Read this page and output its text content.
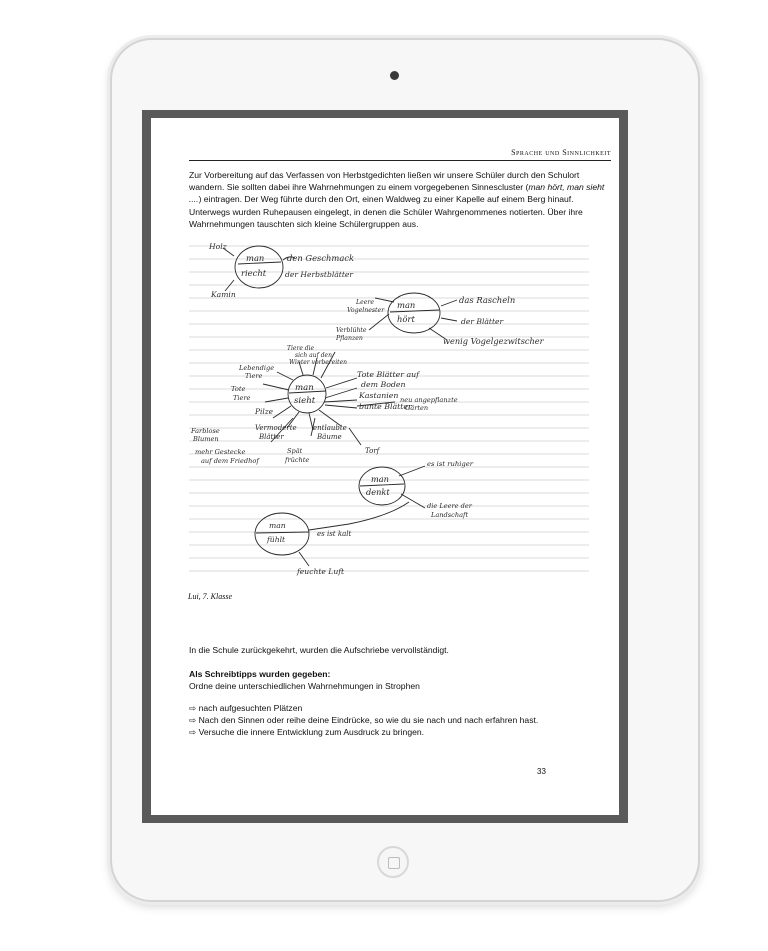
Sprache und Sinnlichkeit
Zur Vorbereitung auf das Verfassen von Herbstgedichten ließen wir unsere Schüler durch den Schulort wandern. Sie sollten dabei ihre Wahrnehmungen zu einem vorgegebenen Sinnescluster (man hört, man sieht ....) eintragen. Der Weg führte durch den Ort, einen Waldweg zu einer Kapelle auf einem Berg hinauf.
Unterwegs wurden Ruhepausen eingelegt, in denen die Schüler Wahrgenommenes notierten. Über ihre Wahrnehmungen tauschten sich kleine Schülergruppen aus.
Holz
Kamin
man
riecht
den Geschmack
der Herbstblätter
man
hört
das Rascheln
der Blätter
wenig Vogelgezwitscher
Leere
Vogelnester
Verblühte
Pflanzen
Tiere die
sich auf den
Winter vorbereiten
Lebendige
Tiere
Tote
Tiere
man
sieht
Tote Blätter auf
dem Boden
Kastanien
bunte Blätter
neu angepflanzte
Gärten
Pilze
Farblose
Blumen
Vermoderte
Blätter
entlaubte
Bäume
Torf
mehr Gestecke
auf dem Friedhof
Spät
früchte
man
denkt
es ist ruhiger
die Leere der
Landschaft
man
fühlt
es ist kalt
feuchte Luft
Lui, 7. Klasse
In die Schule zurückgekehrt, wurden die Aufschriebe vervollständigt.
Als Schreibtipps wurden gegeben:
Ordne deine unterschiedlichen Wahrnehmungen in Strophen
⇨ nach aufgesuchten Plätzen
⇨ Nach den Sinnen oder reihe deine Eindrücke, so wie du sie nach und nach erfahren hast.
⇨ Versuche die innere Entwicklung zum Ausdruck zu bringen.
33
